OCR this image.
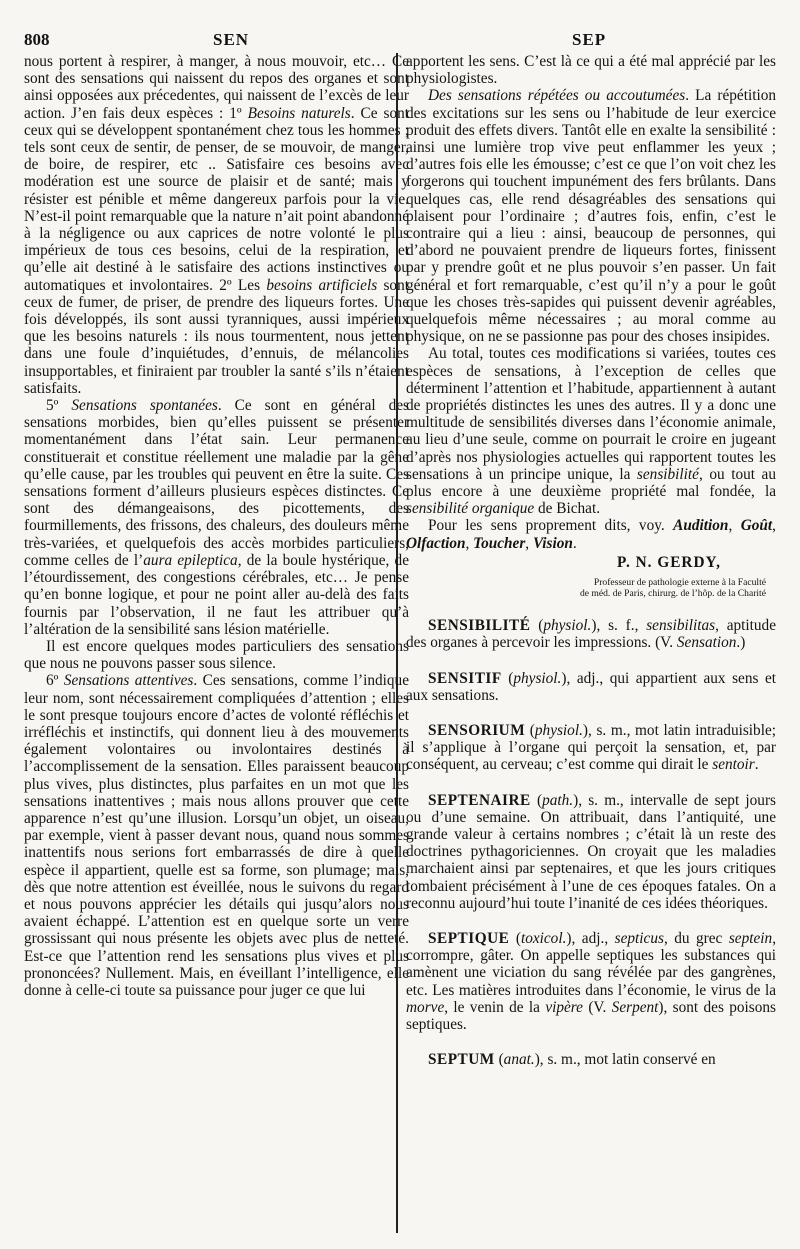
808	SEN	SEP

nous portent à respirer, à manger, à nous mouvoir, etc… Ce sont des sensations qui naissent du repos des organes et sont ainsi opposées aux précedentes, qui naissent de l’excès de leur action. J’en fais deux espèces : 1º Besoins naturels. Ce sont ceux qui se développent spontanément chez tous les hommes ; tels sont ceux de sentir, de penser, de se mouvoir, de manger, de boire, de respirer, etc .. Satisfaire ces besoins avec modération est une source de plaisir et de santé; mais y résister est pénible et même dangereux parfois pour la vie. N’est-il point remarquable que la nature n’ait point abandonné à la négligence ou aux caprices de notre volonté le plus impérieux de tous ces besoins, celui de la respiration, et qu’elle ait destiné à le satisfaire des actions instinctives ou automatiques et involontaires. 2º Les besoins artificiels sont ceux de fumer, de priser, de prendre des liqueurs fortes. Une fois développés, ils sont aussi tyranniques, aussi impérieux que les besoins naturels : ils nous tourmentent, nous jettent dans une foule d’inquiétudes, d’ennuis, de mélancolies insupportables, et finiraient par troubler la santé s’ils n’étaient satisfaits.

5º Sensations spontanées. Ce sont en général des sensations morbides, bien qu’elles puissent se présenter momentanément dans l’état sain. Leur permanence constituerait et constitue réellement une maladie par la gêne qu’elle cause, par les troubles qui peuvent en être la suite. Ces sensations forment d’ailleurs plusieurs espèces distinctes. Ce sont des démangeaisons, des picottements, des fourmillements, des frissons, des chaleurs, des douleurs même très-variées, et quelquefois des accès morbides particuliers, comme celles de l’aura epileptica, de la boule hystérique, de l’étourdissement, des congestions cérébrales, etc… Je pense qu’en bonne logique, et pour ne point aller au-delà des faits fournis par l’observation, il ne faut les attribuer qu’à l’altération de la sensibilité sans lésion matérielle.

Il est encore quelques modes particuliers des sensations que nous ne pouvons passer sous silence.

6º Sensations attentives. Ces sensations, comme l’indique leur nom, sont nécessairement compliquées d’attention ; elles le sont presque toujours encore d’actes de volonté réfléchis et irréfléchis et instinctifs, qui donnent lieu à des mouvements également volontaires ou involontaires destinés à l’accomplissement de la sensation. Elles paraissent beaucoup plus vives, plus distinctes, plus parfaites en un mot que les sensations inattentives ; mais nous allons prouver que cette apparence n’est qu’une illusion. Lorsqu’un objet, un oiseau, par exemple, vient à passer devant nous, quand nous sommes inattentifs nous serions fort embarrassés de dire à quelle espèce il appartient, quelle est sa forme, son plumage; mais, dès que notre attention est éveillée, nous le suivons du regard et nous pouvons apprécier les détails qui jusqu’alors nous avaient échappé. L’attention est en quelque sorte un verre grossissant qui nous présente les objets avec plus de netteté. Est-ce que l’attention rend les sensations plus vives et plus prononcées? Nullement. Mais, en éveillant l’intelligence, elle donne à celle-ci toute sa puissance pour juger ce que lui

apportent les sens. C’est là ce qui a été mal apprécié par les physiologistes.

Des sensations répétées ou accoutumées. La répétition des excitations sur les sens ou l’habitude de leur exercice produit des effets divers. Tantôt elle en exalte la sensibilité : ainsi une lumière trop vive peut enflammer les yeux ; d’autres fois elle les émousse; c’est ce que l’on voit chez les forgerons qui touchent impunément des fers brûlants. Dans quelques cas, elle rend désagréables des sensations qui plaisent pour l’ordinaire ; d’autres fois, enfin, c’est le contraire qui a lieu : ainsi, beaucoup de personnes, qui d’abord ne pouvaient prendre de liqueurs fortes, finissent par y prendre goût et ne plus pouvoir s’en passer. Un fait général et fort remarquable, c’est qu’il n’y a pour le goût que les choses très-sapides qui puissent devenir agréables, quelquefois même nécessaires ; au moral comme au physique, on ne se passionne pas pour des choses insipides.

Au total, toutes ces modifications si variées, toutes ces espèces de sensations, à l’exception de celles que déterminent l’attention et l’habitude, appartiennent à autant de propriétés distinctes les unes des autres. Il y a donc une multitude de sensibilités diverses dans l’économie animale, au lieu d’une seule, comme on pourrait le croire en jugeant d’après nos physiologies actuelles qui rapportent toutes les sensations à un principe unique, la sensibilité, ou tout au plus encore à une deuxième propriété mal fondée, la sensibilité organique de Bichat.

Pour les sens proprement dits, voy. Audition, Goût, Olfaction, Toucher, Vision.

P. N. GERDY,

Professeur de pathologie externe à la Faculté
de méd. de Paris, chirurg. de l’hôp. de la Charité

SENSIBILITÉ (physiol.), s. f., sensibilitas, aptitude des organes à percevoir les impressions. (V. Sensation.)

SENSITIF (physiol.), adj., qui appartient aux sens et aux sensations.

SENSORIUM (physiol.), s. m., mot latin intraduisible; il s’applique à l’organe qui perçoit la sensation, et, par conséquent, au cerveau; c’est comme qui dirait le sentoir.

SEPTENAIRE (path.), s. m., intervalle de sept jours ou d’une semaine. On attribuait, dans l’antiquité, une grande valeur à certains nombres ; c’était là un reste des doctrines pythagoriciennes. On croyait que les maladies marchaient ainsi par septenaires, et que les jours critiques tombaient précisément à l’une de ces époques fatales. On a reconnu aujourd’hui toute l’inanité de ces idées théoriques.

SEPTIQUE (toxicol.), adj., septicus, du grec septein, corrompre, gâter. On appelle septiques les substances qui amènent une viciation du sang révélée par des gangrènes, etc. Les matières introduites dans l’économie, le virus de la morve, le venin de la vipère (V. Serpent), sont des poisons septiques.

SEPTUM (anat.), s. m., mot latin conservé en
